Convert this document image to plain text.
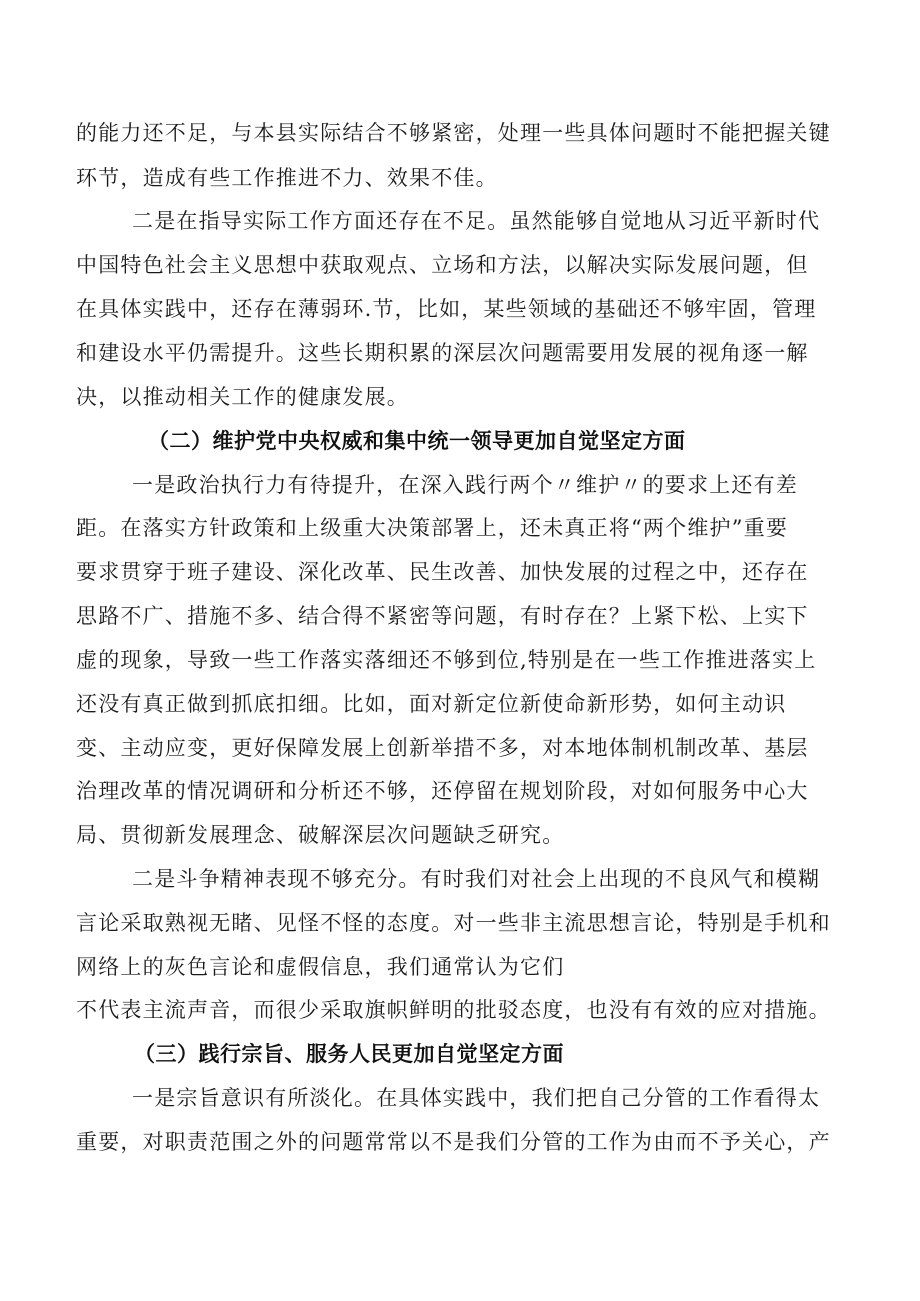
的能力还不足，与本县实际结合不够紧密，处理一些具体问题时不能把握关键
环节，造成有些工作推进不力、效果不佳。
二是在指导实际工作方面还存在不足。虽然能够自觉地从习近平新时代
中国特色社会主义思想中获取观点、立场和方法，以解决实际发展问题，但
在具体实践中，还存在薄弱环.节，比如，某些领域的基础还不够牢固，管理
和建设水平仍需提升。这些长期积累的深层次问题需要用发展的视角逐一解
决，以推动相关工作的健康发展。
（二）维护党中央权威和集中统一领导更加自觉坚定方面
一是政治执行力有待提升，在深入践行两个〃维护〃的要求上还有差
距。在落实方针政策和上级重大决策部署上，还未真正将“两个维护”重要
要求贯穿于班子建设、深化改革、民生改善、加快发展的过程之中，还存在
思路不广、措施不多、结合得不紧密等问题，有时存在？上紧下松、上实下
虚的现象，导致一些工作落实落细还不够到位,特别是在一些工作推进落实上
还没有真正做到抓底扣细。比如，面对新定位新使命新形势，如何主动识
变、主动应变，更好保障发展上创新举措不多，对本地体制机制改革、基层
治理改革的情况调研和分析还不够，还停留在规划阶段，对如何服务中心大
局、贯彻新发展理念、破解深层次问题缺乏研究。
二是斗争精神表现不够充分。有时我们对社会上出现的不良风气和模糊
言论采取熟视无睹、见怪不怪的态度。对一些非主流思想言论，特别是手机和
网络上的灰色言论和虚假信息，我们通常认为它们
不代表主流声音，而很少采取旗帜鲜明的批驳态度，也没有有效的应对措施。
（三）践行宗旨、服务人民更加自觉坚定方面
一是宗旨意识有所淡化。在具体实践中，我们把自己分管的工作看得太
重要，对职责范围之外的问题常常以不是我们分管的工作为由而不予关心，产
